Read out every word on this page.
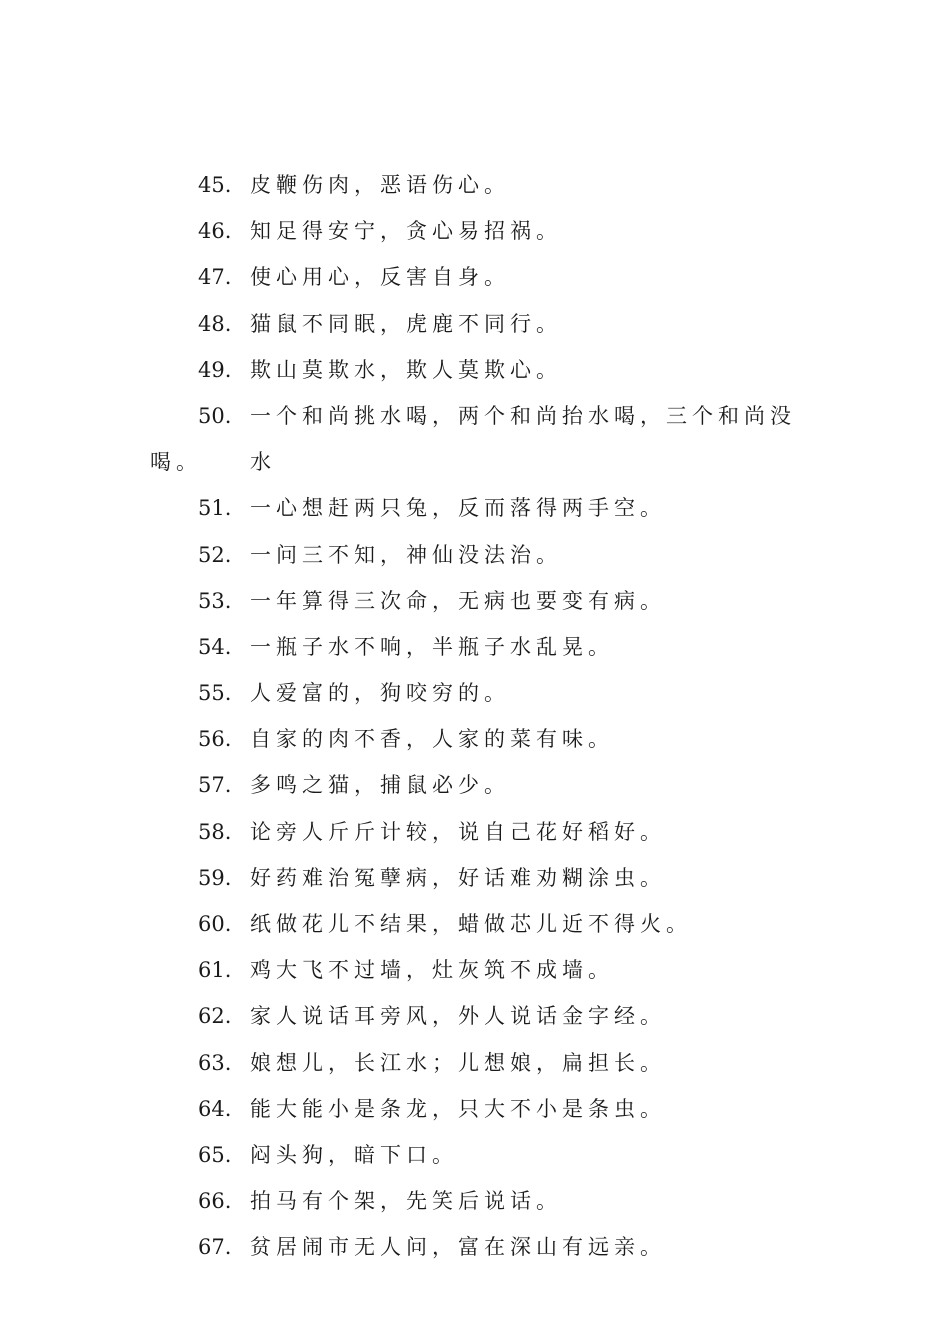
45. 皮鞭伤肉，恶语伤心。
46. 知足得安宁，贪心易招祸。
47. 使心用心，反害自身。
48. 猫鼠不同眠，虎鹿不同行。
49. 欺山莫欺水，欺人莫欺心。
50. 一个和尚挑水喝，两个和尚抬水喝，三个和尚没水
喝。
51. 一心想赶两只兔，反而落得两手空。
52. 一问三不知，神仙没法治。
53. 一年算得三次命，无病也要变有病。
54. 一瓶子水不响，半瓶子水乱晃。
55. 人爱富的，狗咬穷的。
56. 自家的肉不香，人家的菜有味。
57. 多鸣之猫，捕鼠必少。
58. 论旁人斤斤计较，说自己花好稻好。
59. 好药难治冤孽病，好话难劝糊涂虫。
60. 纸做花儿不结果，蜡做芯儿近不得火。
61. 鸡大飞不过墙，灶灰筑不成墙。
62. 家人说话耳旁风，外人说话金字经。
63. 娘想儿，长江水；儿想娘，扁担长。
64. 能大能小是条龙，只大不小是条虫。
65. 闷头狗，暗下口。
66. 拍马有个架，先笑后说话。
67. 贫居闹市无人问，富在深山有远亲。
